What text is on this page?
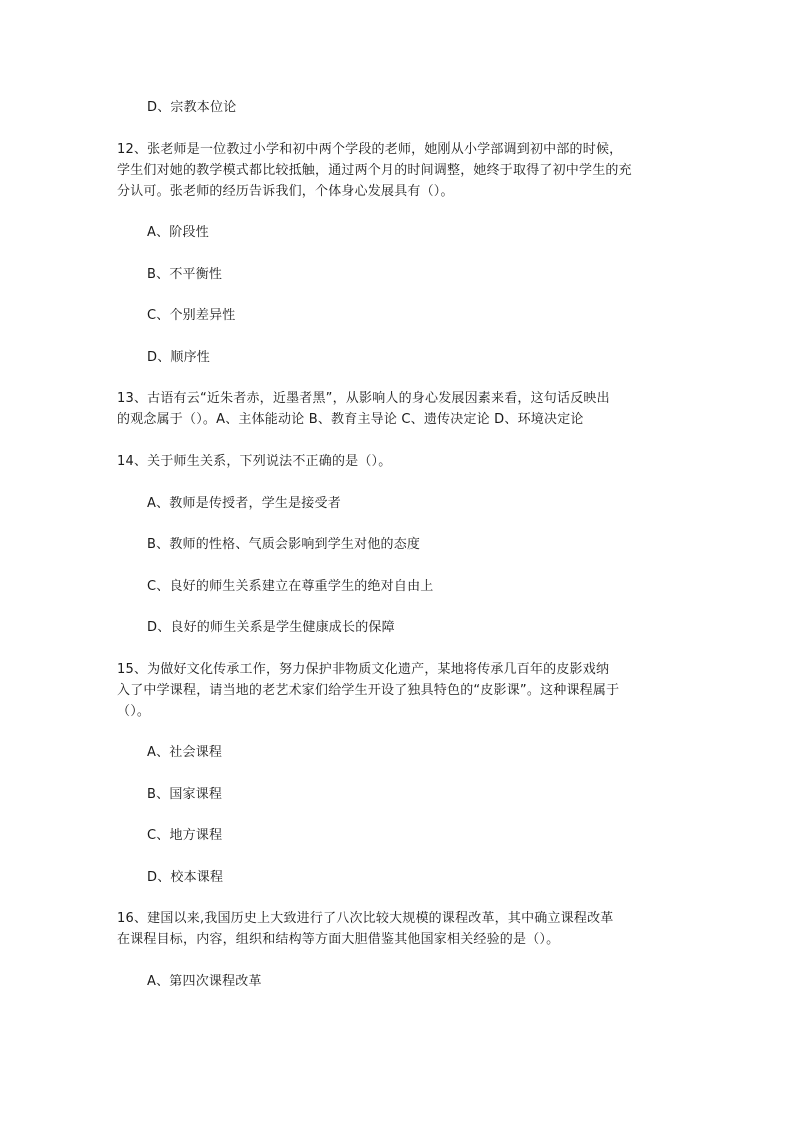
D、宗教本位论
12、张老师是一位教过小学和初中两个学段的老师，她刚从小学部调到初中部的时候，
学生们对她的教学模式都比较抵触，通过两个月的时间调整，她终于取得了初中学生的充
分认可。张老师的经历告诉我们，个体身心发展具有（）。
A、阶段性
B、不平衡性
C、个别差异性
D、顺序性
13、古语有云“近朱者赤，近墨者黑”，从影响人的身心发展因素来看，这句话反映出
的观念属于（）。A、主体能动论 B、教育主导论 C、遗传决定论 D、环境决定论
14、关于师生关系，下列说法不正确的是（）。
A、教师是传授者，学生是接受者
B、教师的性格、气质会影响到学生对他的态度
C、良好的师生关系建立在尊重学生的绝对自由上
D、良好的师生关系是学生健康成长的保障
15、为做好文化传承工作，努力保护非物质文化遗产，某地将传承几百年的皮影戏纳
入了中学课程，请当地的老艺术家们给学生开设了独具特色的“皮影课”。这种课程属于
（）。
A、社会课程
B、国家课程
C、地方课程
D、校本课程
16、建国以来,我国历史上大致进行了八次比较大规模的课程改革，其中确立课程改革
在课程目标，内容，组织和结构等方面大胆借鉴其他国家相关经验的是（）。
A、第四次课程改革
